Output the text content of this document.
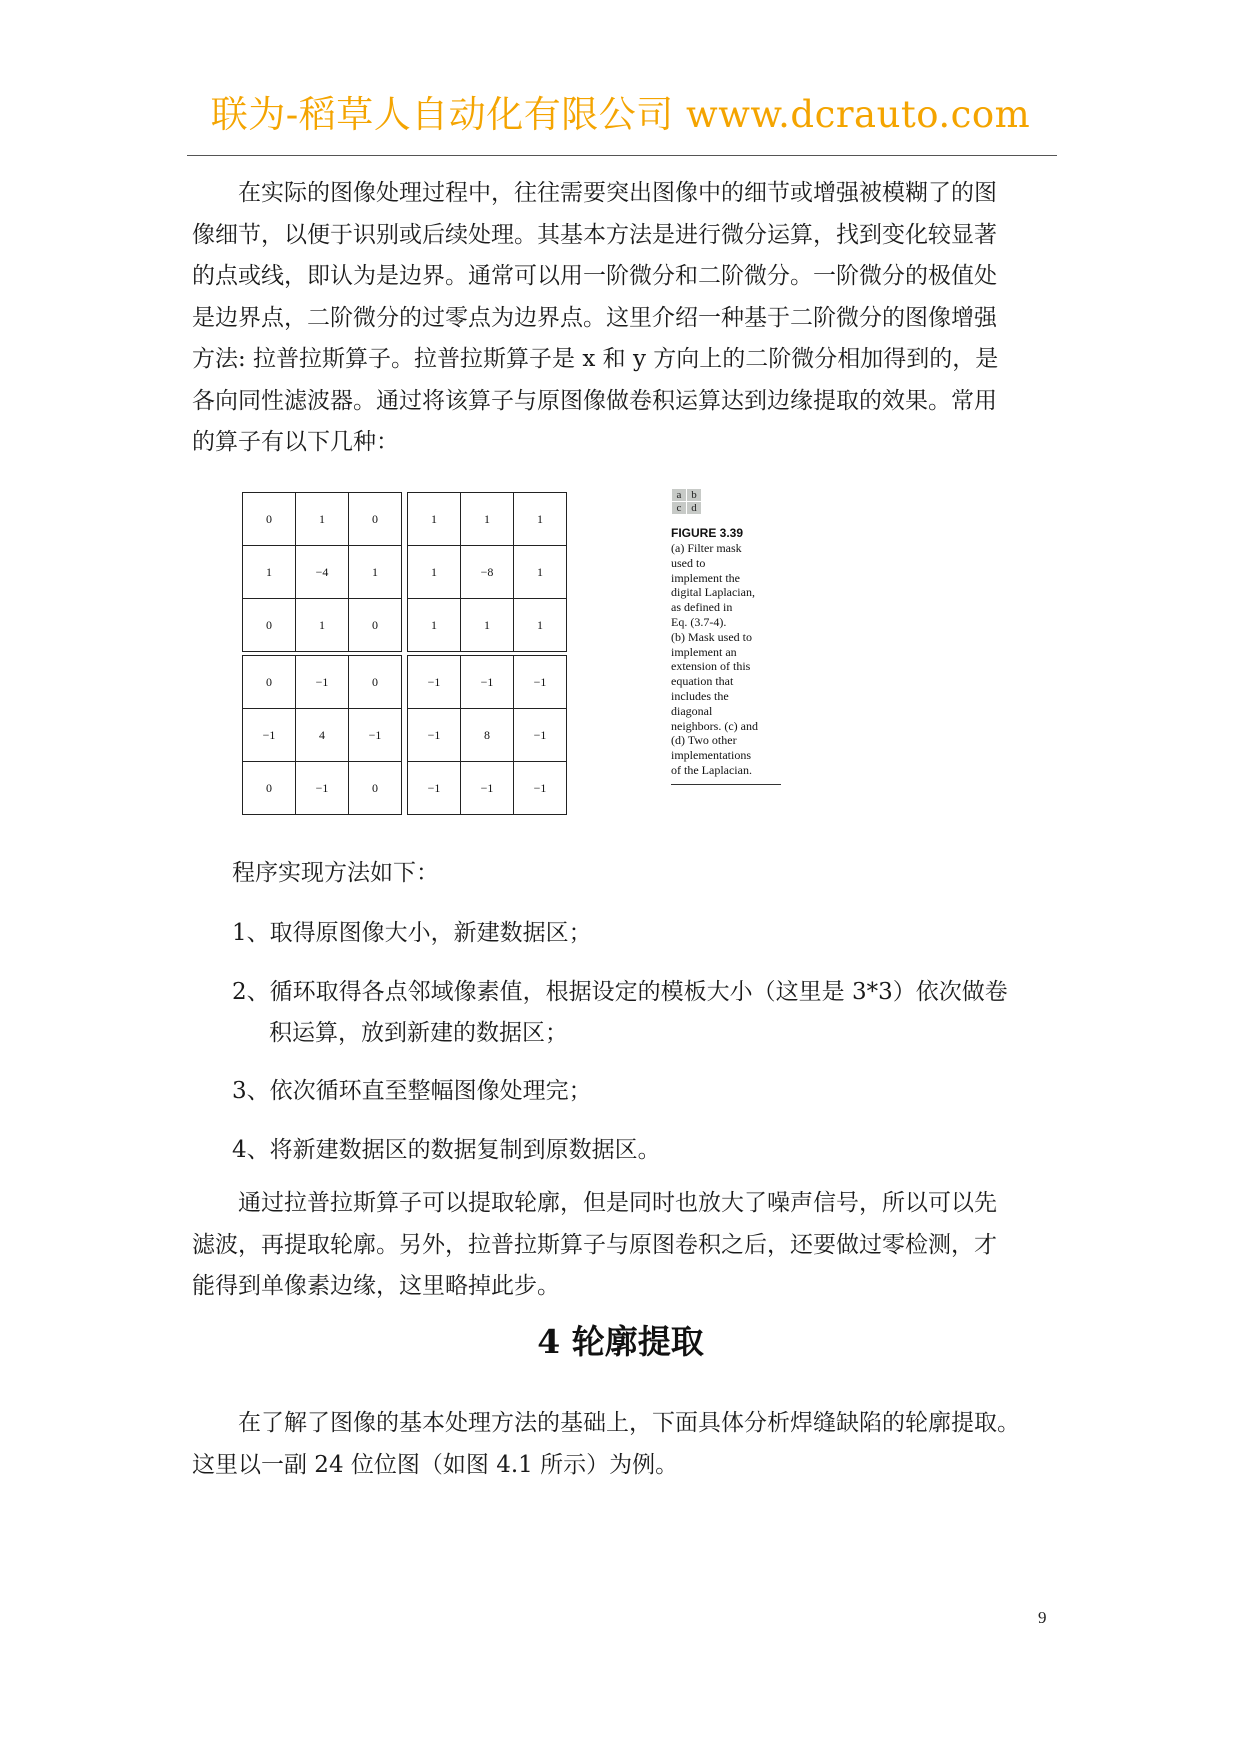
联为-稻草人自动化有限公司 www.dcrauto.com
在实际的图像处理过程中，往往需要突出图像中的细节或增强被模糊了的图
像细节，以便于识别或后续处理。其基本方法是进行微分运算，找到变化较显著
的点或线，即认为是边界。通常可以用一阶微分和二阶微分。一阶微分的极值处
是边界点，二阶微分的过零点为边界点。这里介绍一种基于二阶微分的图像增强
方法: 拉普拉斯算子。拉普拉斯算子是 x 和 y 方向上的二阶微分相加得到的，是
各向同性滤波器。通过将该算子与原图像做卷积运算达到边缘提取的效果。常用
的算子有以下几种：
0	1	0
1	−4	1
0	1	0
1	1	1
1	−8	1
1	1	1
0	−1	0
−1	4	−1
0	−1	0
−1	−1	−1
−1	8	−1
−1	−1	−1
a	b
c	d
FIGURE 3.39
(a) Filter mask
used to
implement the
digital Laplacian,
as defined in
Eq. (3.7-4).
(b) Mask used to
implement an
extension of this
equation that
includes the
diagonal
neighbors. (c) and
(d) Two other
implementations
of the Laplacian.
程序实现方法如下：
1、取得原图像大小，新建数据区；
2、循环取得各点邻域像素值，根据设定的模板大小（这里是 3*3）依次做卷
积运算，放到新建的数据区；
3、依次循环直至整幅图像处理完；
4、将新建数据区的数据复制到原数据区。
通过拉普拉斯算子可以提取轮廓，但是同时也放大了噪声信号，所以可以先
滤波，再提取轮廓。另外，拉普拉斯算子与原图卷积之后，还要做过零检测，才
能得到单像素边缘，这里略掉此步。
4 轮廓提取
在了解了图像的基本处理方法的基础上，下面具体分析焊缝缺陷的轮廓提取。
这里以一副 24 位位图（如图 4.1 所示）为例。
9
